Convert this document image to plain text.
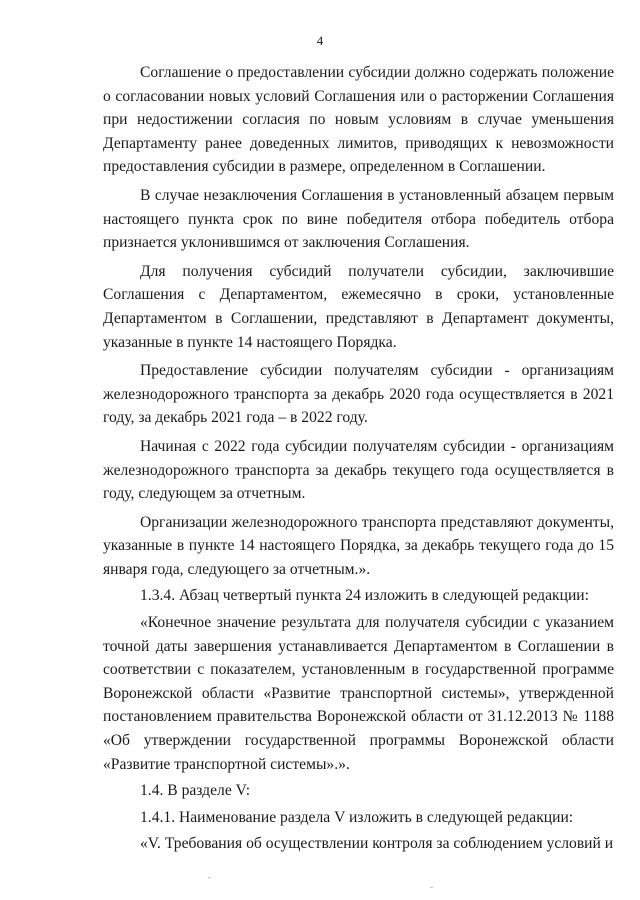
4

Соглашение о предоставлении субсидии должно содержать положение о согласовании новых условий Соглашения или о расторжении Соглашения при недостижении согласия по новым условиям в случае уменьшения Департаменту ранее доведенных лимитов, приводящих к невозможности предоставления субсидии в размере, определенном в Соглашении.

В случае незаключения Соглашения в установленный абзацем первым настоящего пункта срок по вине победителя отбора победитель отбора признается уклонившимся от заключения Соглашения.

Для получения субсидий получатели субсидии, заключившие Соглашения с Департаментом, ежемесячно в сроки, установленные Департаментом в Соглашении, представляют в Департамент документы, указанные в пункте 14 настоящего Порядка.

Предоставление субсидии получателям субсидии - организациям железнодорожного транспорта за декабрь 2020 года осуществляется в 2021 году, за декабрь 2021 года – в 2022 году.

Начиная с 2022 года субсидии получателям субсидии - организациям железнодорожного транспорта за декабрь текущего года осуществляется в году, следующем за отчетным.

Организации железнодорожного транспорта представляют документы, указанные в пункте 14 настоящего Порядка, за декабрь текущего года до 15 января года, следующего за отчетным.».

1.3.4. Абзац четвертый пункта 24 изложить в следующей редакции:

«Конечное значение результата для получателя субсидии с указанием точной даты завершения устанавливается Департаментом в Соглашении в соответствии с показателем, установленным в государственной программе Воронежской области «Развитие транспортной системы», утвержденной постановлением правительства Воронежской области от 31.12.2013 № 1188 «Об утверждении государственной программы Воронежской области «Развитие транспортной системы».».

1.4. В разделе V:

1.4.1. Наименование раздела V изложить в следующей редакции:

«V. Требования об осуществлении контроля за соблюдением условий и
